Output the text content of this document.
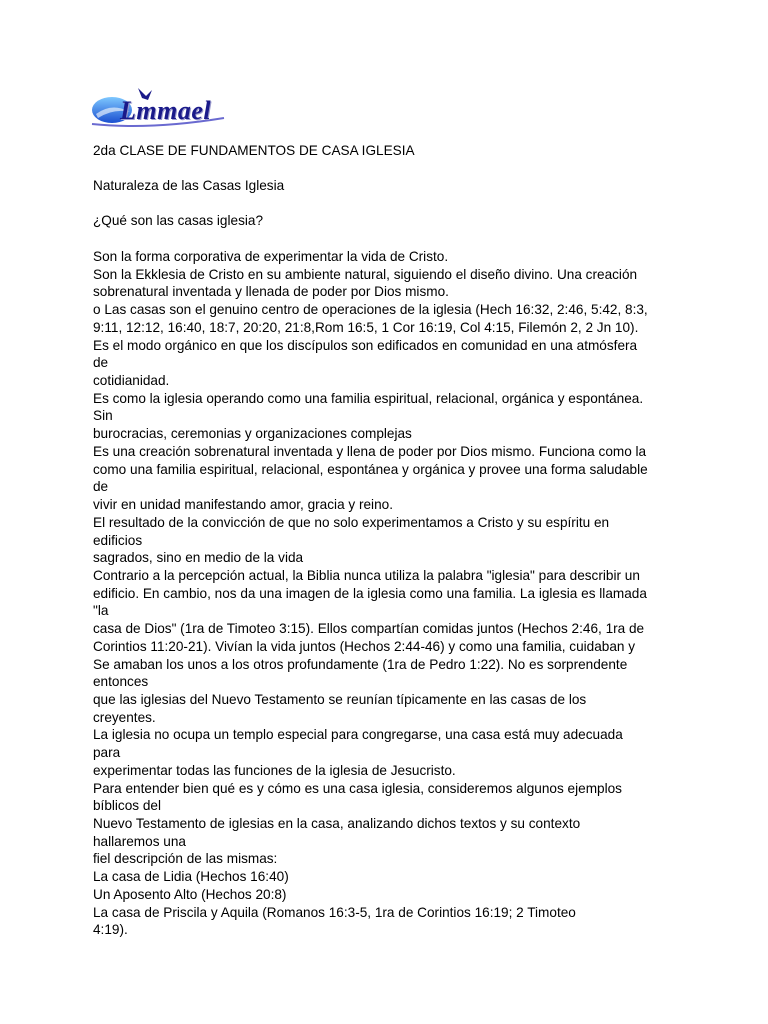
Lmmael
2da CLASE DE FUNDAMENTOS DE CASA IGLESIA
Naturaleza de las Casas Iglesia
¿Qué son las casas iglesia?
Son la forma corporativa de experimentar la vida de Cristo.
Son la Ekklesia de Cristo en su ambiente natural, siguiendo el diseño divino. Una creación
sobrenatural inventada y llenada de poder por Dios mismo.
o Las casas son el genuino centro de operaciones de la iglesia (Hech 16:32, 2:46, 5:42, 8:3,
9:11, 12:12, 16:40, 18:7, 20:20, 21:8,Rom 16:5, 1 Cor 16:19, Col 4:15, Filemón 2, 2 Jn 10).
Es el modo orgánico en que los discípulos son edificados en comunidad en una atmósfera
de
cotidianidad.
Es como la iglesia operando como una familia espiritual, relacional, orgánica y espontánea.
Sin
burocracias, ceremonias y organizaciones complejas
Es una creación sobrenatural inventada y llena de poder por Dios mismo. Funciona como la
como una familia espiritual, relacional, espontánea y orgánica y provee una forma saludable
de
vivir en unidad manifestando amor, gracia y reino.
El resultado de la convicción de que no solo experimentamos a Cristo y su espíritu en
edificios
sagrados, sino en medio de la vida
Contrario a la percepción actual, la Biblia nunca utiliza la palabra "iglesia" para describir un
edificio. En cambio, nos da una imagen de la iglesia como una familia. La iglesia es llamada
"la
casa de Dios" (1ra de Timoteo 3:15). Ellos compartían comidas juntos (Hechos 2:46, 1ra de
Corintios 11:20-21). Vivían la vida juntos (Hechos 2:44-46) y como una familia, cuidaban y
Se amaban los unos a los otros profundamente (1ra de Pedro 1:22). No es sorprendente
entonces
que las iglesias del Nuevo Testamento se reunían típicamente en las casas de los
creyentes.
La iglesia no ocupa un templo especial para congregarse, una casa está muy adecuada
para
experimentar todas las funciones de la iglesia de Jesucristo.
Para entender bien qué es y cómo es una casa iglesia, consideremos algunos ejemplos
bíblicos del
Nuevo Testamento de iglesias en la casa, analizando dichos textos y su contexto
hallaremos una
fiel descripción de las mismas:
La casa de Lidia (Hechos 16:40)
Un Aposento Alto (Hechos 20:8)
La casa de Priscila y Aquila (Romanos 16:3-5, 1ra de Corintios 16:19; 2 Timoteo
4:19).
